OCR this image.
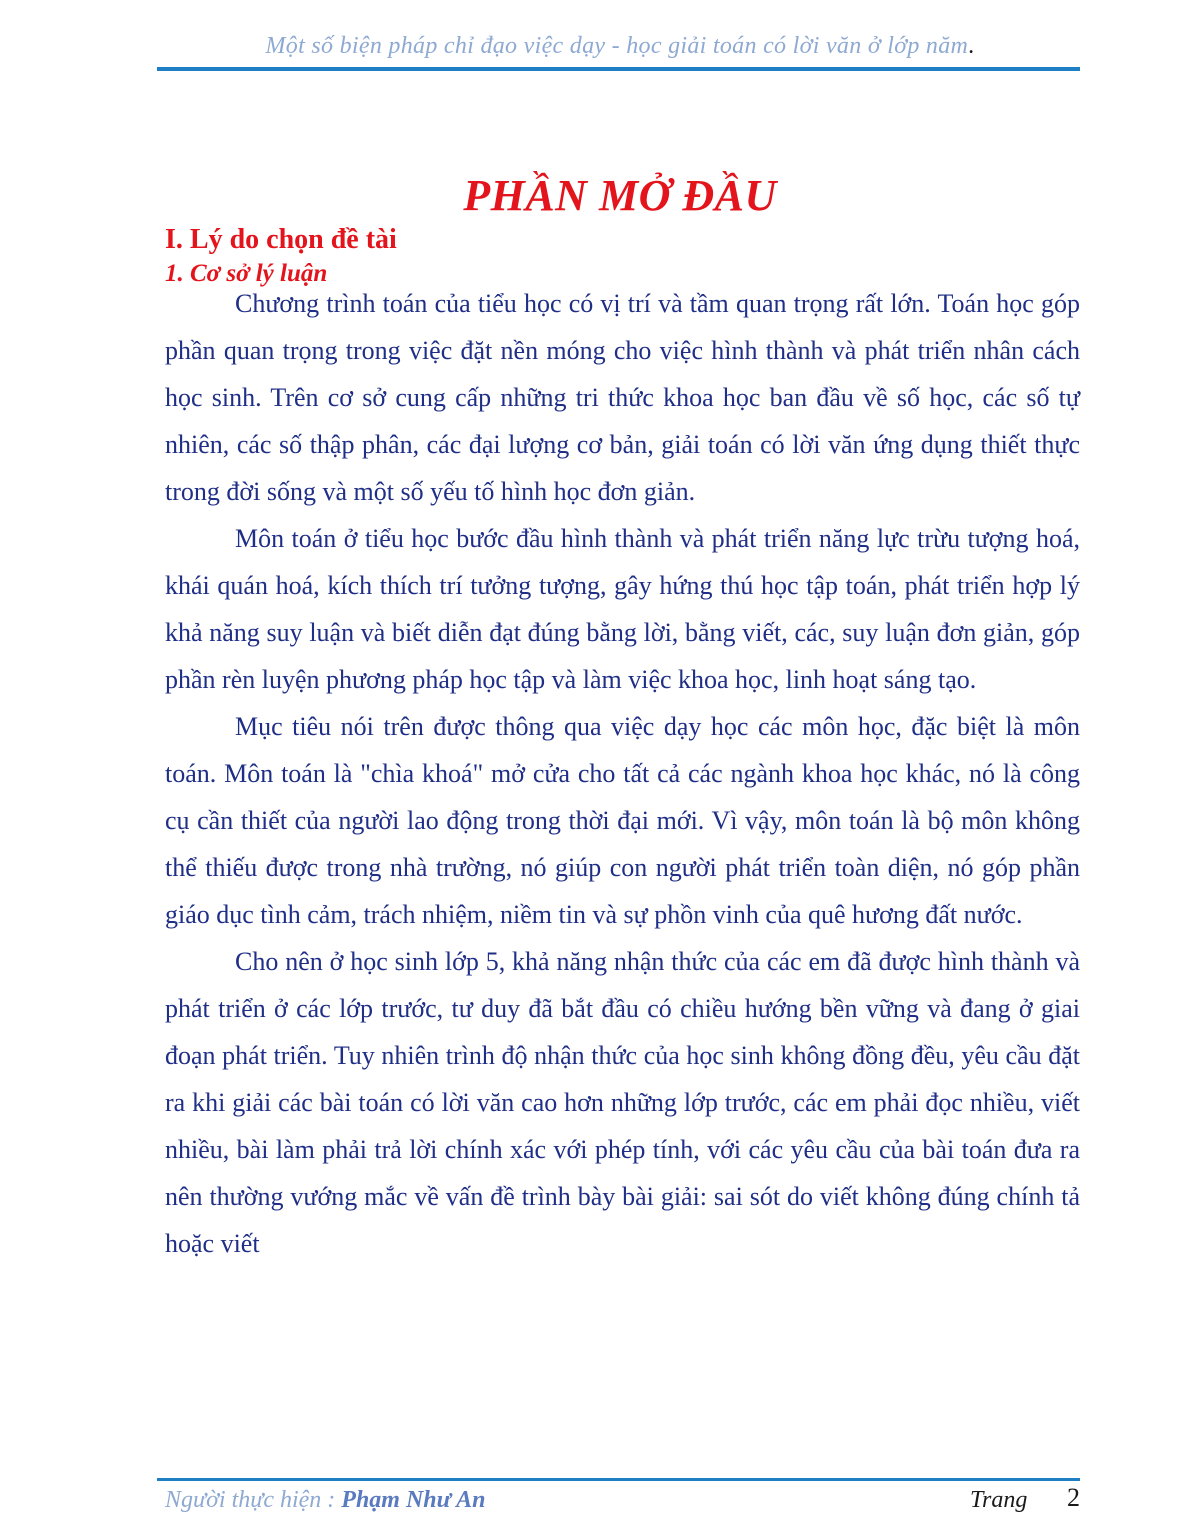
Một số biện pháp chỉ đạo việc dạy - học giải toán có lời văn ở lớp năm.
PHẦN MỞ ĐẦU
I. Lý do chọn đề tài
1. Cơ sở lý luận

Chương trình toán của tiểu học có vị trí và tầm quan trọng rất lớn. Toán học góp phần quan trọng trong việc đặt nền móng cho việc hình thành và phát triển nhân cách học sinh. Trên cơ sở cung cấp những tri thức khoa học ban đầu về số học, các số tự nhiên, các số thập phân, các đại lượng cơ bản, giải toán có lời văn ứng dụng thiết thực trong đời sống và một số yếu tố hình học đơn giản.

Môn toán ở tiểu học bước đầu hình thành và phát triển năng lực trừu tượng hoá, khái quán hoá, kích thích trí tưởng tượng, gây hứng thú học tập toán, phát triển hợp lý khả năng suy luận và biết diễn đạt đúng bằng lời, bằng viết, các, suy luận đơn giản, góp phần rèn luyện phương pháp học tập và làm việc khoa học, linh hoạt sáng tạo.

Mục tiêu nói trên được thông qua việc dạy học các môn học, đặc biệt là môn toán. Môn toán là "chìa khoá" mở cửa cho tất cả các ngành khoa học khác, nó là công cụ cần thiết của người lao động trong thời đại mới. Vì vậy, môn toán là bộ môn không thể thiếu được trong nhà trường, nó giúp con người phát triển toàn diện, nó góp phần giáo dục tình cảm, trách nhiệm, niềm tin và sự phồn vinh của quê hương đất nước.

Cho nên ở học sinh lớp 5, khả năng nhận thức của các em đã được hình thành và phát triển ở các lớp trước, tư duy đã bắt đầu có chiều hướng bền vững và đang ở giai đoạn phát triển. Tuy nhiên trình độ nhận thức của học sinh không đồng đều, yêu cầu đặt ra khi giải các bài toán có lời văn cao hơn những lớp trước, các em phải đọc nhiều, viết nhiều, bài làm phải trả lời chính xác với phép tính, với các yêu cầu của bài toán đưa ra nên thường vướng mắc về vấn đề trình bày bài giải: sai sót do viết không đúng chính tả hoặc viết

Người thực hiện : Phạm Như An	Trang 2
